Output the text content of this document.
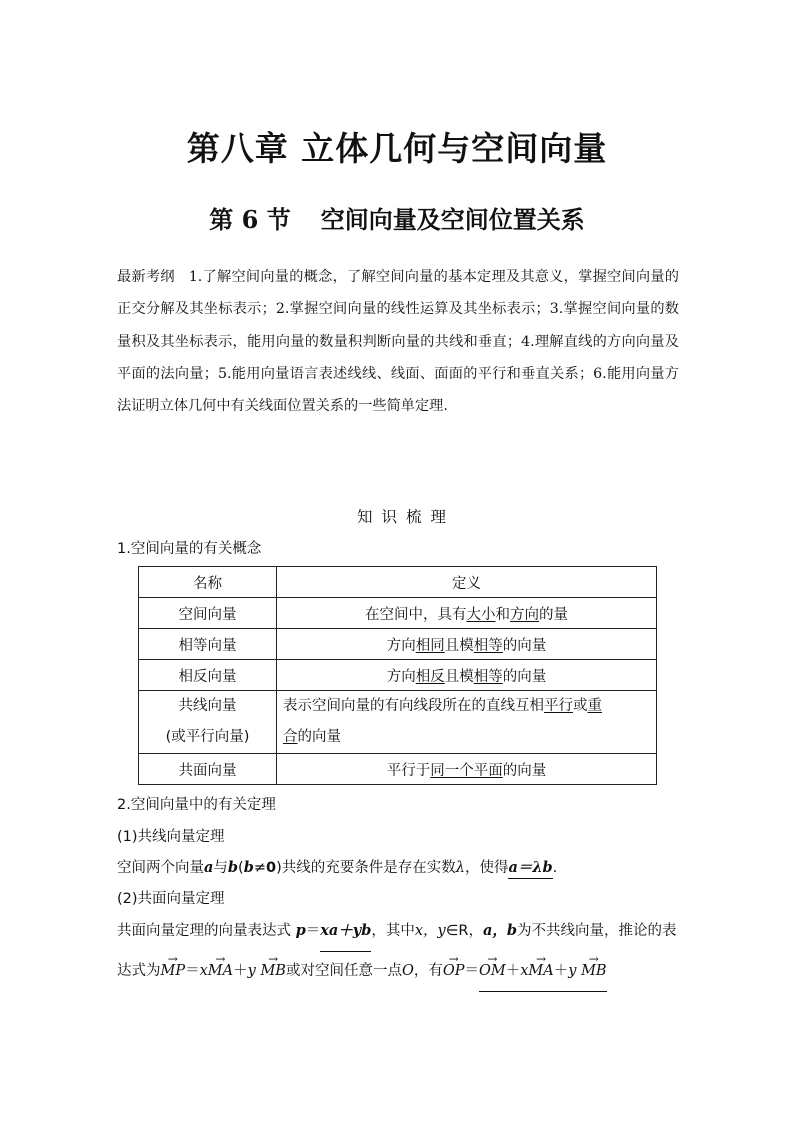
第八章 立体几何与空间向量
第 6 节 空间向量及空间位置关系
最新考纲 1.了解空间向量的概念，了解空间向量的基本定理及其意义，掌握空间向量的正交分解及其坐标表示；2.掌握空间向量的线性运算及其坐标表示；3.掌握空间向量的数量积及其坐标表示，能用向量的数量积判断向量的共线和垂直；4.理解直线的方向向量及平面的法向量；5.能用向量语言表述线线、线面、面面的平行和垂直关系；6.能用向量方法证明立体几何中有关线面位置关系的一些简单定理.
知识梳理
1.空间向量的有关概念
名称	定义
空间向量	在空间中，具有大小和方向的量
相等向量	方向相同且模相等的向量
相反向量	方向相反且模相等的向量
共线向量
(或平行向量)	表示空间向量的有向线段所在的直线互相平行或重
合的向量
共面向量	平行于同一个平面的向量
2.空间向量中的有关定理
(1)共线向量定理
空间两个向量a与b(b≠0)共线的充要条件是存在实数λ，使得a＝λb.
(2)共面向量定理
共面向量定理的向量表达式 p＝xa＋yb，其中x，y∈R，a，b为不共线向量，推论的表达式为→ MP＝x→ MA＋y → MB或对空间任意一点O，有→ OP＝→ OM＋x→ MA＋y → MB
